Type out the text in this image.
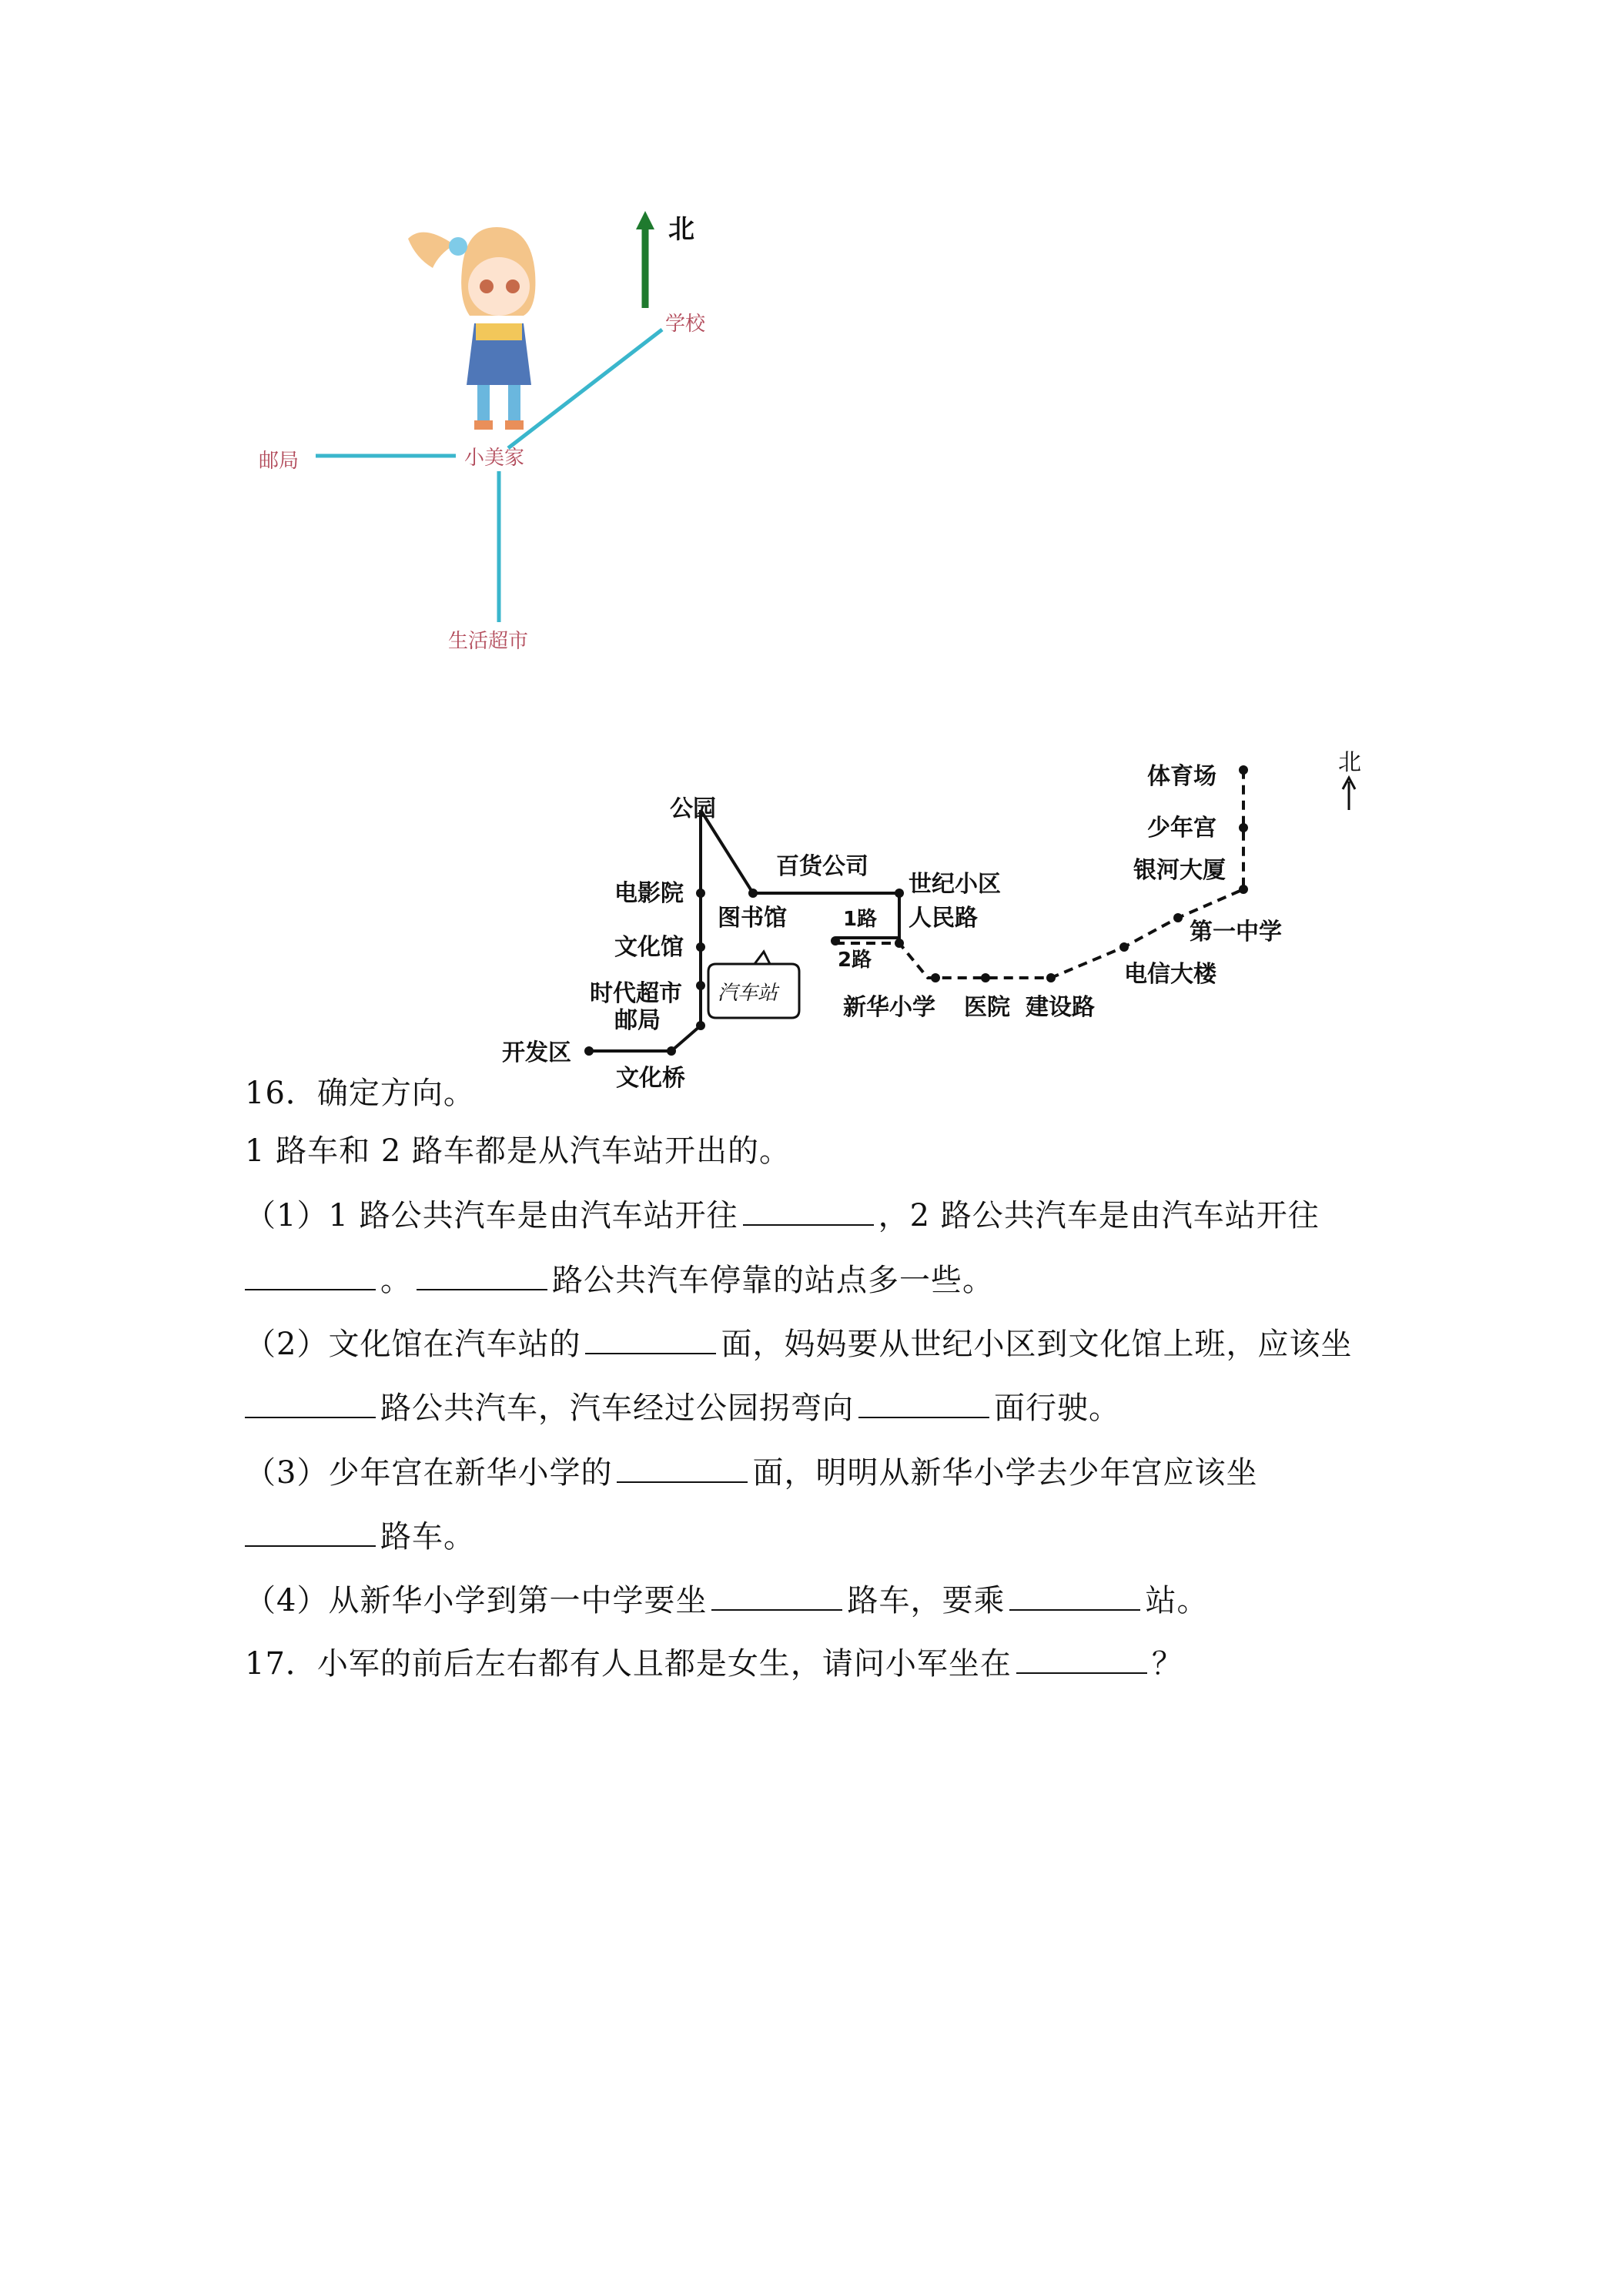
北
学校
小美家
邮局
生活超市
公园
电影院
文化馆
时代超市
邮局
开发区
文化桥
图书馆
百货公司
世纪小区
人民路
1路
2路
汽车站
新华小学 医院 建设路
电信大楼
第一中学
银河大厦
少年宫
体育场
北
16．确定方向。
1 路车和 2 路车都是从汽车站开出的。
（1）1 路公共汽车是由汽车站开往	，2 路公共汽车是由汽车站开往
。	路公共汽车停靠的站点多一些。
（2）文化馆在汽车站的	面，妈妈要从世纪小区到文化馆上班，应该坐
路公共汽车，汽车经过公园拐弯向	面行驶。
（3）少年宫在新华小学的	面，明明从新华小学去少年宫应该坐
路车。
（4）从新华小学到第一中学要坐	路车，要乘	站。
17．小军的前后左右都有人且都是女生，请问小军坐在	？
